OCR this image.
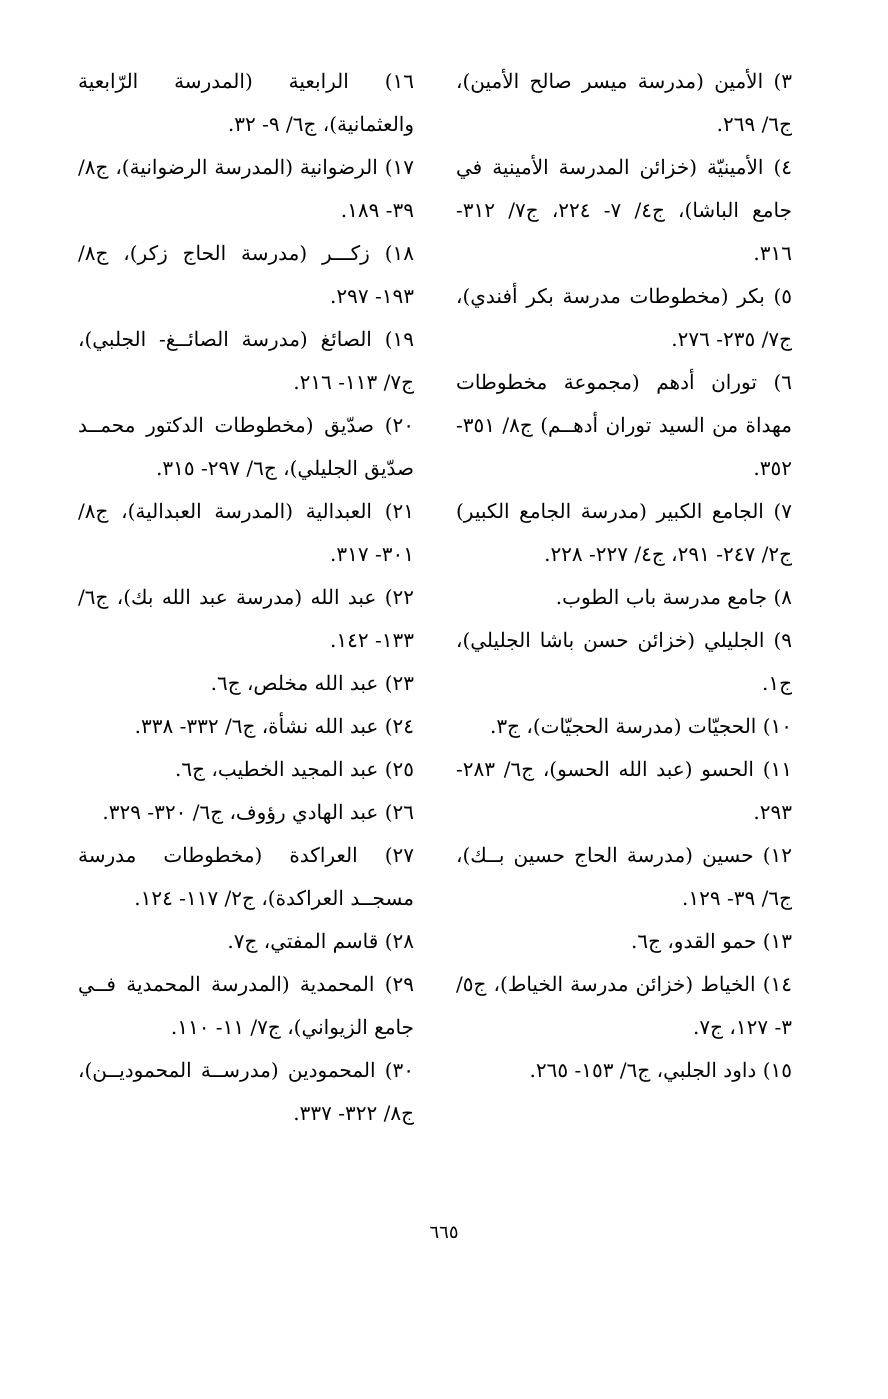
٣) الأمين (مدرسة ميسر صالح الأمين)، ج٦/ ٢٦٩.

٤) الأمينيّة (خزائن المدرسة الأمينية في جامع الباشا)، ج٤/ ٧- ٢٢٤، ج٧/ ٣١٢- ٣١٦.

٥) بكر (مخطوطات مدرسة بكر أفندي)، ج٧/ ٢٣٥- ٢٧٦.

٦) توران أدهم (مجموعة مخطوطات مهداة من السيد توران أدهــم) ج٨/ ٣٥١- ٣٥٢.

٧) الجامع الكبير (مدرسة الجامع الكبير) ج٢/ ٢٤٧- ٢٩١، ج٤/ ٢٢٧- ٢٢٨.

٨) جامع مدرسة باب الطوب.

٩) الجليلي (خزائن حسن باشا الجليلي)، ج١.

١٠) الحجيّات (مدرسة الحجيّات)، ج٣.

١١) الحسو (عبد الله الحسو)، ج٦/ ٢٨٣- ٢٩٣.

١٢) حسين (مدرسة الحاج حسين بــك)، ج٦/ ٣٩- ١٢٩.

١٣) حمو القدو، ج٦.

١٤) الخياط (خزائن مدرسة الخياط)، ج٥/ ٣- ١٢٧، ج٧.

١٥) داود الجلبي، ج٦/ ١٥٣- ٢٦٥.

١٦) الرابعية (المدرسة الرّابعية والعثمانية)، ج٦/ ٩- ٣٢.

١٧) الرضوانية (المدرسة الرضوانية)، ج٨/ ٣٩- ١٨٩.

١٨) زكـــر (مدرسة الحاج زكر)، ج٨/ ١٩٣- ٢٩٧.

١٩) الصائغ (مدرسة الصائــغ- الجلبي)، ج٧/ ١١٣- ٢١٦.

٢٠) صدّيق (مخطوطات الدكتور محمــد صدّيق الجليلي)، ج٦/ ٢٩٧- ٣١٥.

٢١) العبدالية (المدرسة العبدالية)، ج٨/ ٣٠١- ٣١٧.

٢٢) عبد الله (مدرسة عبد الله بك)، ج٦/ ١٣٣- ١٤٢.

٢٣) عبد الله مخلص، ج٦.

٢٤) عبد الله نشأة، ج٦/ ٣٣٢- ٣٣٨.

٢٥) عبد المجيد الخطيب، ج٦.

٢٦) عبد الهادي رؤوف، ج٦/ ٣٢٠- ٣٢٩.

٢٧) العراكدة (مخطوطات مدرسة مسجــد العراكدة)، ج٢/ ١١٧- ١٢٤.

٢٨) قاسم المفتي، ج٧.

٢٩) المحمدية (المدرسة المحمدية فــي جامع الزيواني)، ج٧/ ١١- ١١٠.

٣٠) المحمودين (مدرســة المحموديــن)، ج٨/ ٣٢٢- ٣٣٧.

٦٦٥
